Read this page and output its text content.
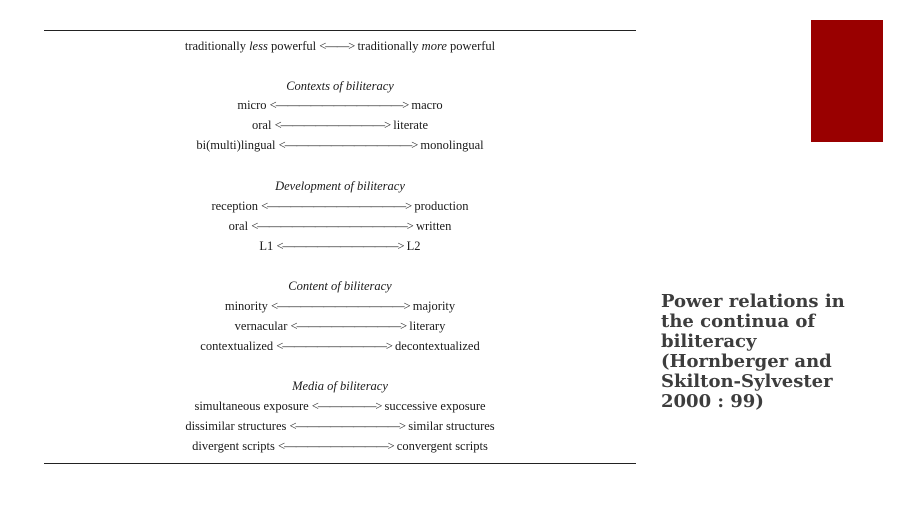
traditionally less powerful <——> traditionally more powerful
Contexts of biliteracy
micro <———————————> macro
oral <—————————> literate
bi(multi)lingual <———————————> monolingual
Development of biliteracy
reception <————————————> production
oral <—————————————> written
L1 <——————————> L2
Content of biliteracy
minority <———————————> majority
vernacular <—————————> literary
contextualized <—————————> decontextualized
Media of biliteracy
simultaneous exposure <—————> successive exposure
dissimilar structures <—————————> similar structures
divergent scripts <—————————> convergent scripts
Power relations in
the continua of
biliteracy
(Hornberger and
Skilton-Sylvester
2000 : 99)
